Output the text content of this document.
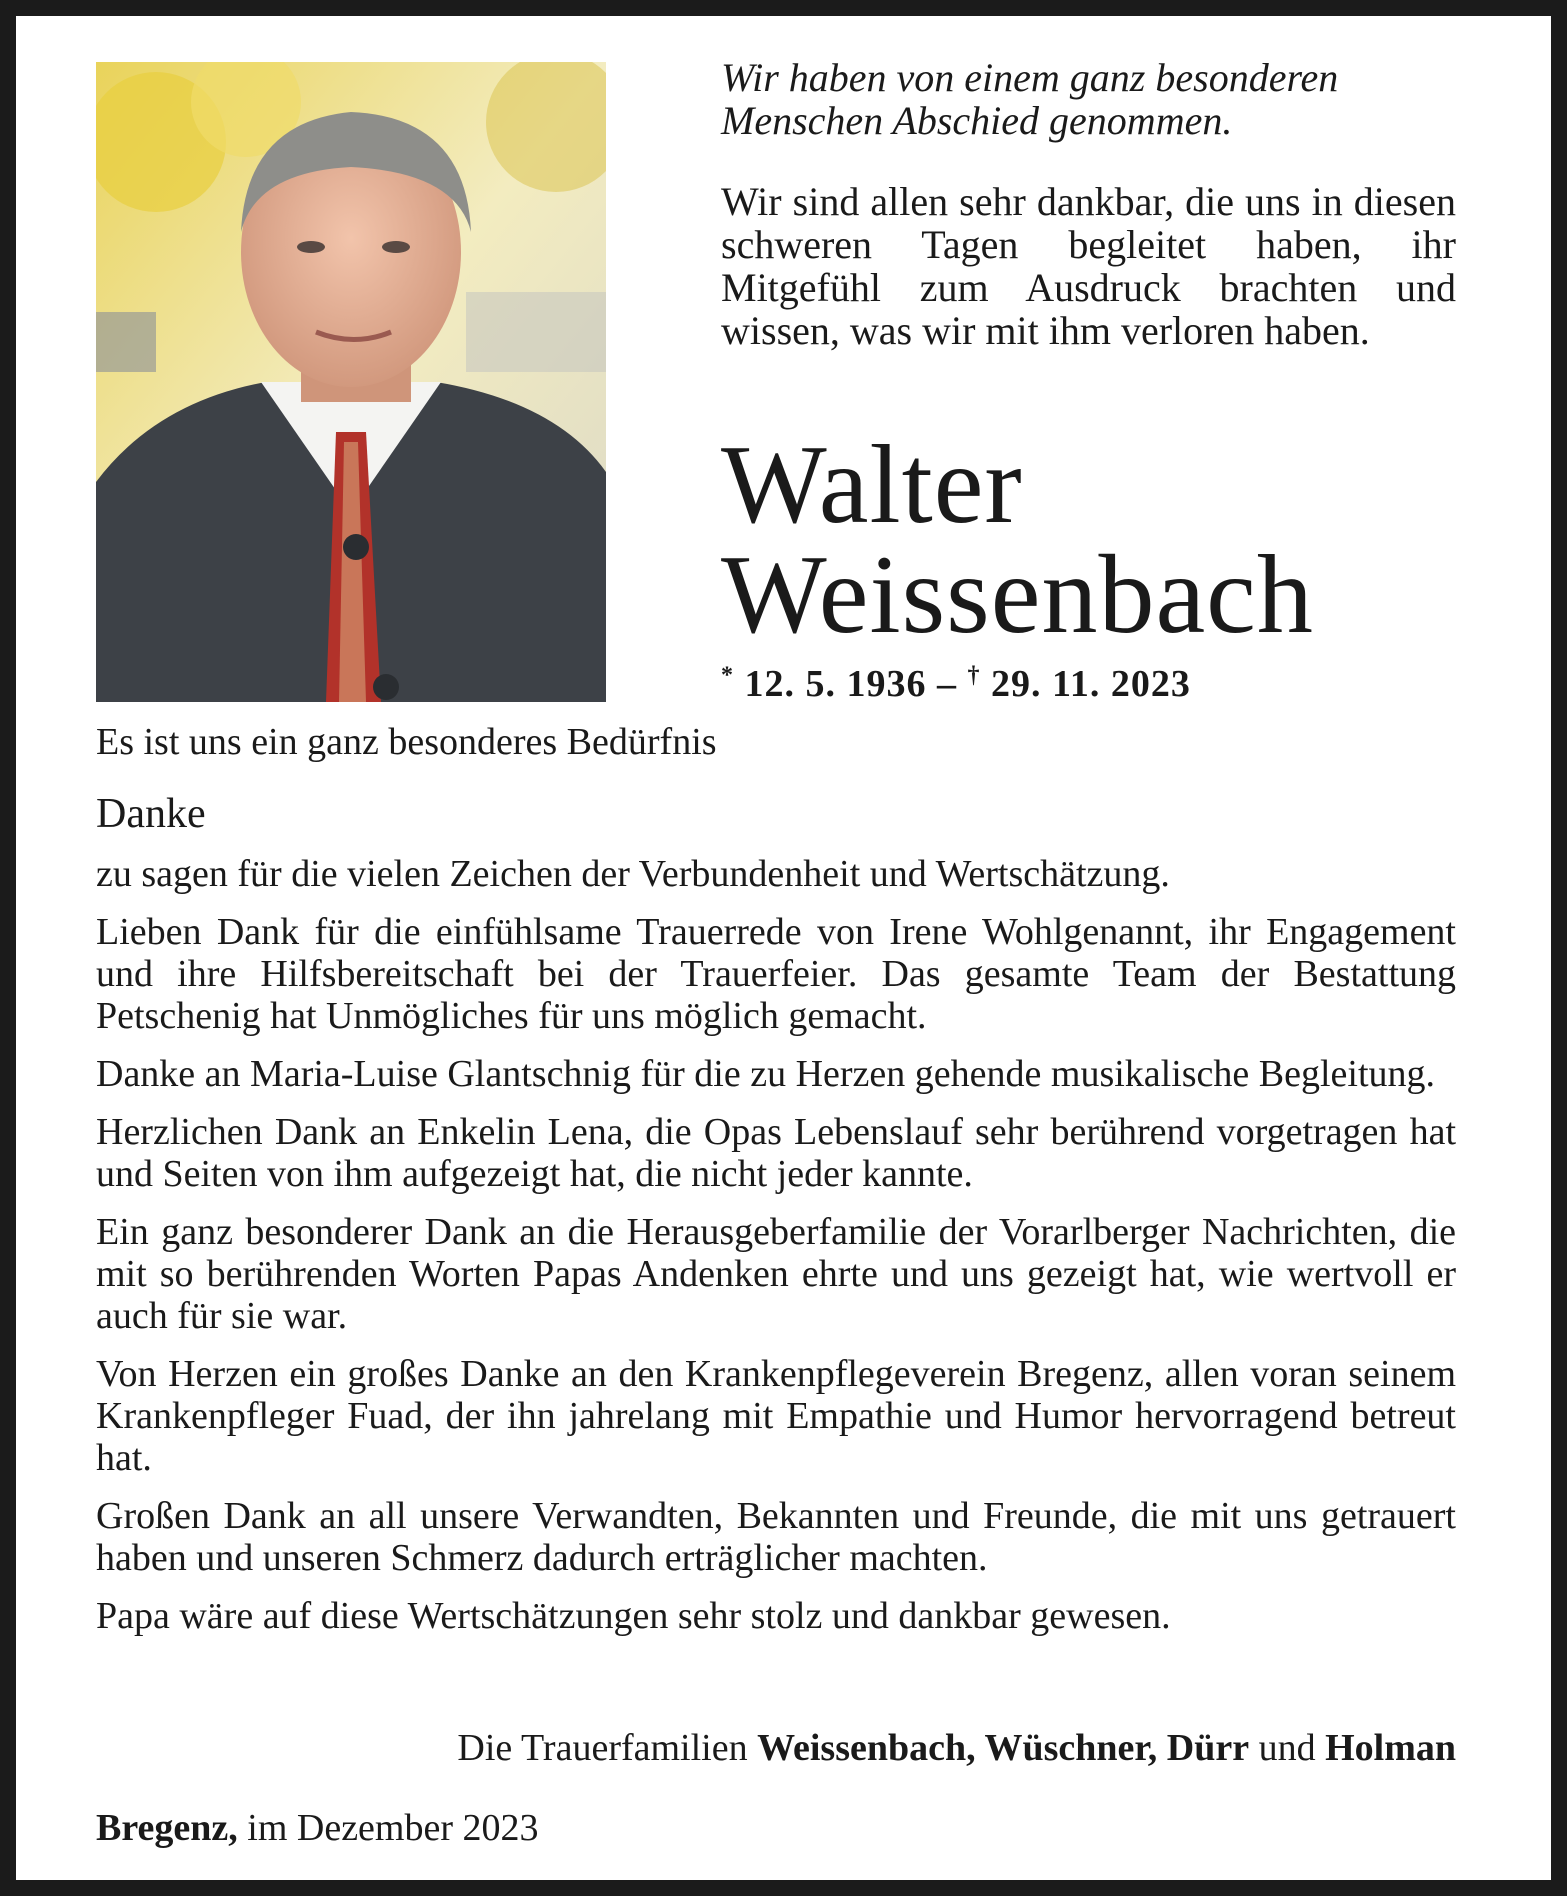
Wir haben von einem ganz besonderen Menschen Abschied genommen.

Wir sind allen sehr dankbar, die uns in diesen schweren Tagen begleitet haben, ihr Mitgefühl zum Ausdruck brachten und wissen, was wir mit ihm verloren haben.

Walter
Weissenbach
* 12. 5. 1936 – † 29. 11. 2023

Es ist uns ein ganz besonderes Bedürfnis

Danke

zu sagen für die vielen Zeichen der Verbundenheit und Wertschätzung.

Lieben Dank für die einfühlsame Trauerrede von Irene Wohlgenannt, ihr Engagement und ihre Hilfsbereitschaft bei der Trauerfeier. Das gesamte Team der Bestattung Petschenig hat Unmögliches für uns möglich gemacht.

Danke an Maria-Luise Glantschnig für die zu Herzen gehende musikalische Begleitung.

Herzlichen Dank an Enkelin Lena, die Opas Lebenslauf sehr berührend vorgetragen hat und Seiten von ihm aufgezeigt hat, die nicht jeder kannte.

Ein ganz besonderer Dank an die Herausgeberfamilie der Vorarlberger Nachrichten, die mit so berührenden Worten Papas Andenken ehrte und uns gezeigt hat, wie wertvoll er auch für sie war.

Von Herzen ein großes Danke an den Krankenpflegeverein Bregenz, allen voran seinem Krankenpfleger Fuad, der ihn jahrelang mit Empathie und Humor hervorragend betreut hat.

Großen Dank an all unsere Verwandten, Bekannten und Freunde, die mit uns getrauert haben und unseren Schmerz dadurch erträglicher machten.

Papa wäre auf diese Wertschätzungen sehr stolz und dankbar gewesen.

Die Trauerfamilien Weissenbach, Wüschner, Dürr und Holman
Bregenz, im Dezember 2023
